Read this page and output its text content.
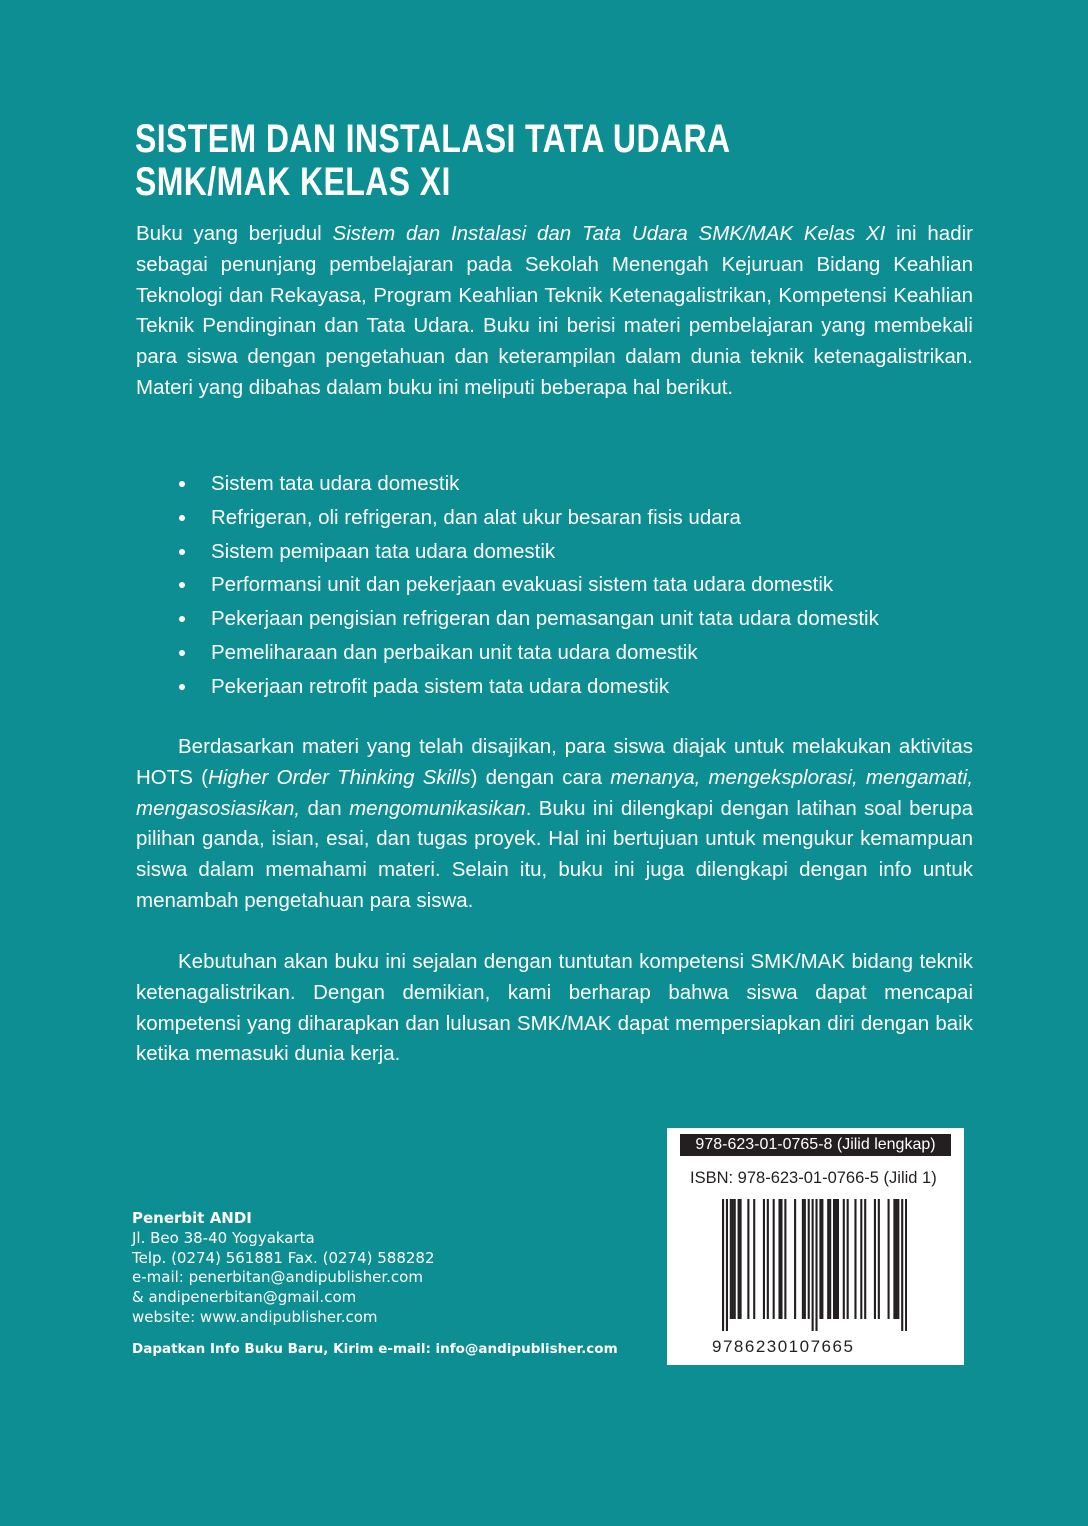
SISTEM DAN INSTALASI TATA UDARA
SMK/MAK KELAS XI

Buku yang berjudul Sistem dan Instalasi dan Tata Udara SMK/MAK Kelas XI ini hadir sebagai penunjang pembelajaran pada Sekolah Menengah Kejuruan Bidang Keahlian Teknologi dan Rekayasa, Program Keahlian Teknik Ketenagalistrikan, Kompetensi Keahlian Teknik Pendinginan dan Tata Udara. Buku ini berisi materi pembelajaran yang membekali para siswa dengan pengetahuan dan keterampilan dalam dunia teknik ketenagalistrikan. Materi yang dibahas dalam buku ini meliputi beberapa hal berikut.

Sistem tata udara domestik
Refrigeran, oli refrigeran, dan alat ukur besaran fisis udara
Sistem pemipaan tata udara domestik
Performansi unit dan pekerjaan evakuasi sistem tata udara domestik
Pekerjaan pengisian refrigeran dan pemasangan unit tata udara domestik
Pemeliharaan dan perbaikan unit tata udara domestik
Pekerjaan retrofit pada sistem tata udara domestik

Berdasarkan materi yang telah disajikan, para siswa diajak untuk melakukan aktivitas HOTS (Higher Order Thinking Skills) dengan cara menanya, mengeksplorasi, mengamati, mengasosiasikan, dan mengomunikasikan. Buku ini dilengkapi dengan latihan soal berupa pilihan ganda, isian, esai, dan tugas proyek. Hal ini bertujuan untuk mengukur kemampuan siswa dalam memahami materi. Selain itu, buku ini juga dilengkapi dengan info untuk menambah pengetahuan para siswa.

Kebutuhan akan buku ini sejalan dengan tuntutan kompetensi SMK/MAK bidang teknik ketenagalistrikan. Dengan demikian, kami berharap bahwa siswa dapat mencapai kompetensi yang diharapkan dan lulusan SMK/MAK dapat mempersiapkan diri dengan baik ketika memasuki dunia kerja.

Penerbit ANDI
Jl. Beo 38-40 Yogyakarta
Telp. (0274) 561881 Fax. (0274) 588282
e-mail: penerbitan@andipublisher.com
& andipenerbitan@gmail.com
website: www.andipublisher.com
Dapatkan Info Buku Baru, Kirim e-mail: info@andipublisher.com
978-623-01-0765-8 (Jilid lengkap)
ISBN: 978-623-01-0766-5 (Jilid 1)
9786230107665
